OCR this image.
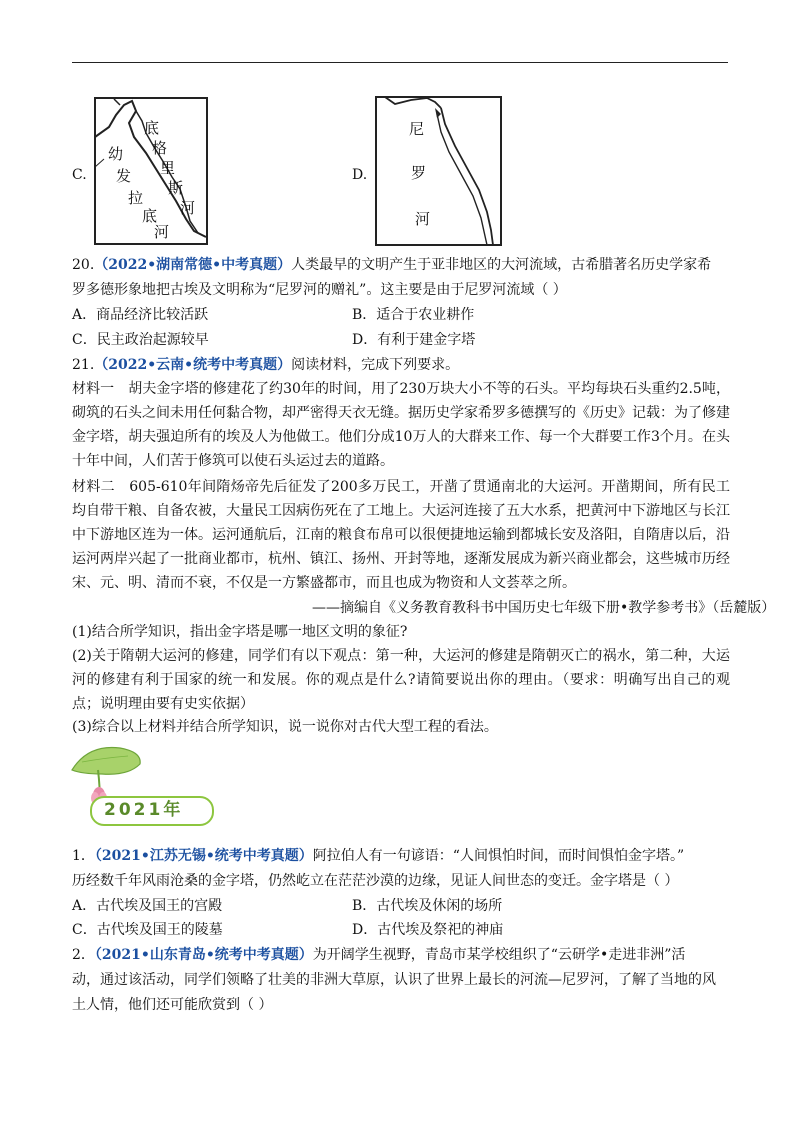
C.
底
格
里
斯
河
幼
发
拉
底
河
D.
尼
罗
河
20.（2022•湖南常德•中考真题）人类最早的文明产生于亚非地区的大河流域，古希腊著名历史学家希
罗多德形象地把古埃及文明称为“尼罗河的赠礼”。这主要是由于尼罗河流域（ ）
A．商品经济比较活跃	B．适合于农业耕作
C．民主政治起源较早	D．有利于建金字塔
21.（2022•云南•统考中考真题）阅读材料，完成下列要求。
材料一　胡夫金字塔的修建花了约30年的时间，用了230万块大小不等的石头。平均每块石头重约2.5吨，砌筑的石头之间未用任何黏合物，却严密得天衣无缝。据历史学家希罗多德撰写的《历史》记载：为了修建金字塔，胡夫强迫所有的埃及人为他做工。他们分成10万人的大群来工作、每一个大群要工作3个月。在头十年中间，人们苦于修筑可以使石头运过去的道路。
材料二　605-610年间隋炀帝先后征发了200多万民工，开凿了贯通南北的大运河。开凿期间，所有民工均自带干粮、自备农被，大量民工因病伤死在了工地上。大运河连接了五大水系，把黄河中下游地区与长江中下游地区连为一体。运河通航后，江南的粮食布帛可以很便捷地运输到都城长安及洛阳，自隋唐以后，沿运河两岸兴起了一批商业都市，杭州、镇江、扬州、开封等地，逐渐发展成为新兴商业都会，这些城市历经宋、元、明、清而不衰，不仅是一方繁盛都市，而且也成为物资和人文荟萃之所。
——摘编自《义务教育教科书中国历史七年级下册•教学参考书》（岳麓版）
(1)结合所学知识，指出金字塔是哪一地区文明的象征?
(2)关于隋朝大运河的修建，同学们有以下观点：第一种，大运河的修建是隋朝灭亡的祸水，第二种，大运河的修建有利于国家的统一和发展。你的观点是什么?请简要说出你的理由。（要求：明确写出自己的观点；说明理由要有史实依据）
(3)综合以上材料并结合所学知识，说一说你对古代大型工程的看法。
2021年
1．（2021•江苏无锡•统考中考真题）阿拉伯人有一句谚语：“人间惧怕时间，而时间惧怕金字塔。”
历经数千年风雨沧桑的金字塔，仍然屹立在茫茫沙漠的边缘，见证人间世态的变迁。金字塔是（ ）
A．古代埃及国王的宫殿	B．古代埃及休闲的场所
C．古代埃及国王的陵墓	D．古代埃及祭祀的神庙
2．（2021•山东青岛•统考中考真题）为开阔学生视野，青岛市某学校组织了“云研学•走进非洲”活
动，通过该活动，同学们领略了壮美的非洲大草原，认识了世界上最长的河流—尼罗河，了解了当地的风
土人情，他们还可能欣赏到（ ）
